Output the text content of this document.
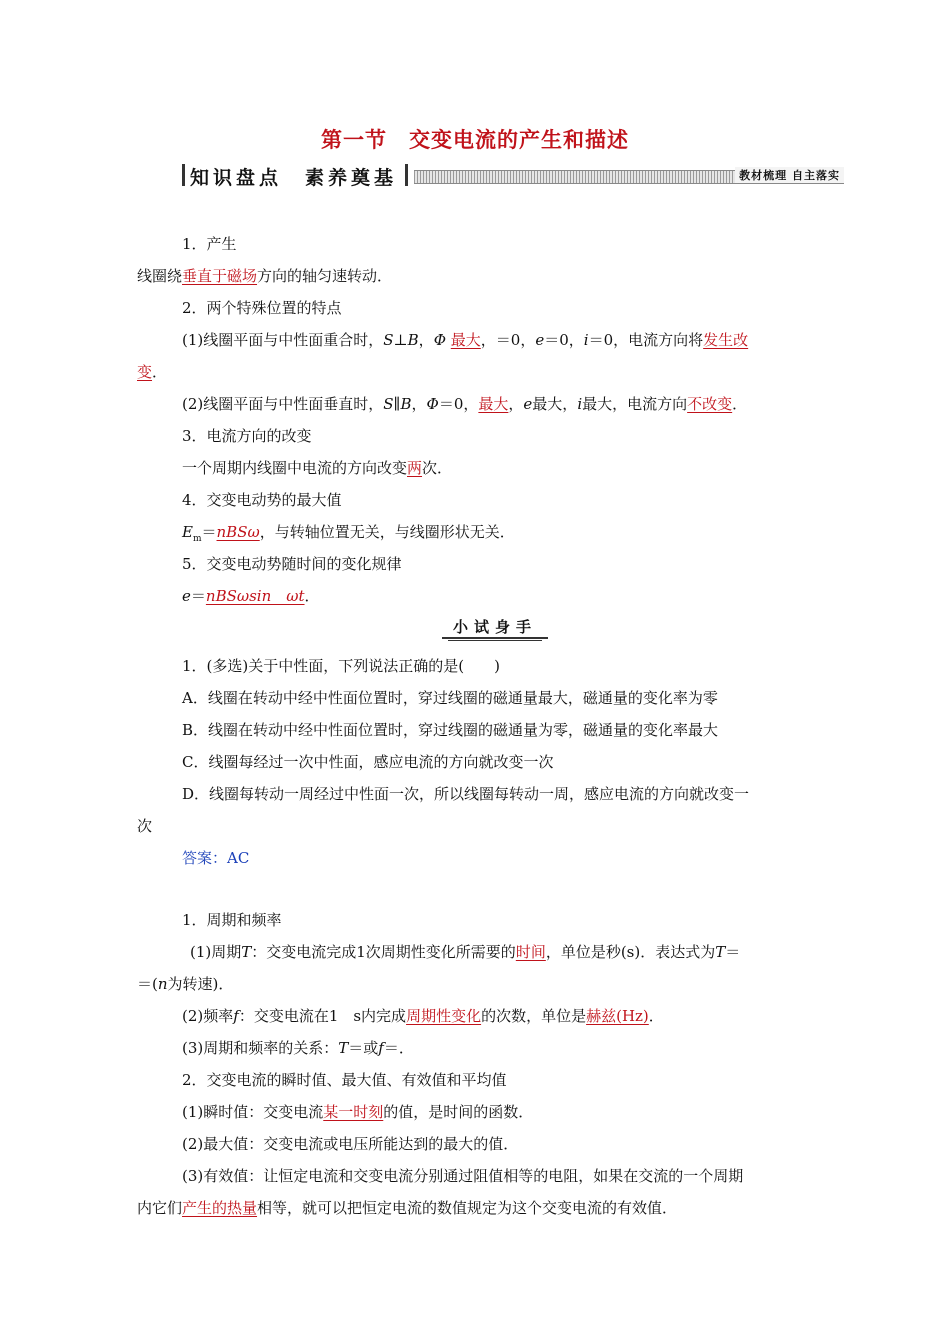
第一节　交变电流的产生和描述
知识盘点　素养奠基	教材梳理 自主落实
1．产生
线圈绕垂直于磁场方向的轴匀速转动．
2．两个特殊位置的特点
(1)线圈平面与中性面重合时，S⊥B，Φ 最大，＝0，e＝0，i＝0，电流方向将发生改
变．
(2)线圈平面与中性面垂直时，S∥B，Φ＝0，最大，e最大，i最大，电流方向不改变．
3．电流方向的改变
一个周期内线圈中电流的方向改变两次．
4．交变电动势的最大值
$E_m=nBS\omega$，与转轴位置无关，与线圈形状无关．
5．交变电动势随时间的变化规律
e＝nBSωsin　ωt．
小试身手
1．(多选)关于中性面，下列说法正确的是(　　)
A．线圈在转动中经中性面位置时，穿过线圈的磁通量最大，磁通量的变化率为零
B．线圈在转动中经中性面位置时，穿过线圈的磁通量为零，磁通量的变化率最大
C．线圈每经过一次中性面，感应电流的方向就改变一次
D．线圈每转动一周经过中性面一次，所以线圈每转动一周，感应电流的方向就改变一
次
答案：AC
1．周期和频率
(1)周期T：交变电流完成1次周期性变化所需要的时间，单位是秒(s)．表达式为T＝
＝(n为转速)．
(2)频率f：交变电流在1　s内完成周期性变化的次数，单位是赫兹(Hz)．
(3)周期和频率的关系：T＝或f＝．
2．交变电流的瞬时值、最大值、有效值和平均值
(1)瞬时值：交变电流某一时刻的值，是时间的函数．
(2)最大值：交变电流或电压所能达到的最大的值．
(3)有效值：让恒定电流和交变电流分别通过阻值相等的电阻，如果在交流的一个周期
内它们产生的热量相等，就可以把恒定电流的数值规定为这个交变电流的有效值．
